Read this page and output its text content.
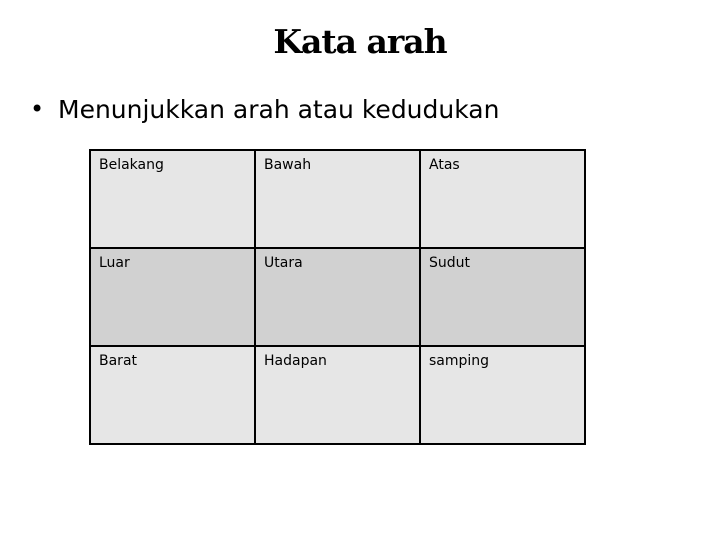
Kata arah
• Menunjukkan arah atau kedudukan
Belakang	Bawah	Atas
Luar	Utara	Sudut
Barat	Hadapan	samping
